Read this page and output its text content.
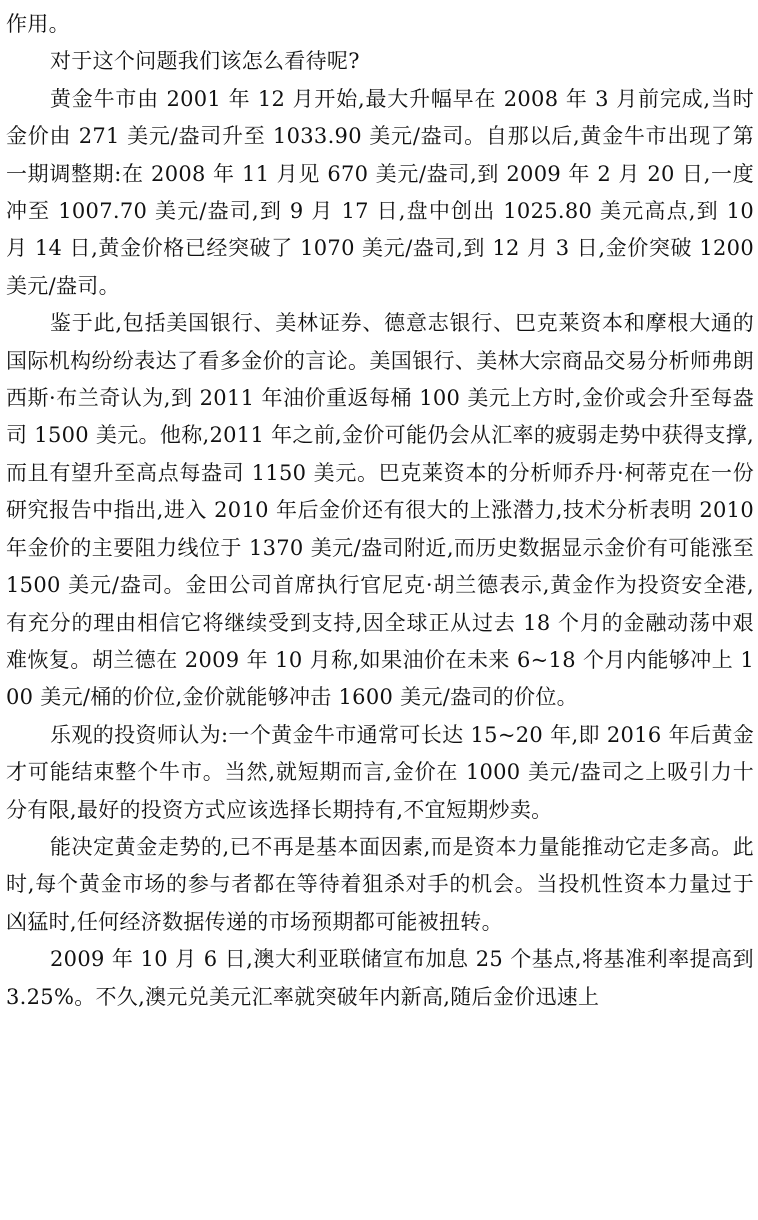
作用。

对于这个问题我们该怎么看待呢?

黄金牛市由 2001 年 12 月开始,最大升幅早在 2008 年 3 月前完成,当时金价由 271 美元/盎司升至 1033.90 美元/盎司。自那以后,黄金牛市出现了第一期调整期:在 2008 年 11 月见 670 美元/盎司,到 2009 年 2 月 20 日,一度冲至 1007.70 美元/盎司,到 9 月 17 日,盘中创出 1025.80 美元高点,到 10 月 14 日,黄金价格已经突破了 1070 美元/盎司,到 12 月 3 日,金价突破 1200 美元/盎司。

鉴于此,包括美国银行、美林证券、德意志银行、巴克莱资本和摩根大通的国际机构纷纷表达了看多金价的言论。美国银行、美林大宗商品交易分析师弗朗西斯·布兰奇认为,到 2011 年油价重返每桶 100 美元上方时,金价或会升至每盎司 1500 美元。他称,2011 年之前,金价可能仍会从汇率的疲弱走势中获得支撑,而且有望升至高点每盎司 1150 美元。巴克莱资本的分析师乔丹·柯蒂克在一份研究报告中指出,进入 2010 年后金价还有很大的上涨潜力,技术分析表明 2010 年金价的主要阻力线位于 1370 美元/盎司附近,而历史数据显示金价有可能涨至 1500 美元/盎司。金田公司首席执行官尼克·胡兰德表示,黄金作为投资安全港,有充分的理由相信它将继续受到支持,因全球正从过去 18 个月的金融动荡中艰难恢复。胡兰德在 2009 年 10 月称,如果油价在未来 6~18 个月内能够冲上 100 美元/桶的价位,金价就能够冲击 1600 美元/盎司的价位。

乐观的投资师认为:一个黄金牛市通常可长达 15~20 年,即 2016 年后黄金才可能结束整个牛市。当然,就短期而言,金价在 1000 美元/盎司之上吸引力十分有限,最好的投资方式应该选择长期持有,不宜短期炒卖。

能决定黄金走势的,已不再是基本面因素,而是资本力量能推动它走多高。此时,每个黄金市场的参与者都在等待着狙杀对手的机会。当投机性资本力量过于凶猛时,任何经济数据传递的市场预期都可能被扭转。

2009 年 10 月 6 日,澳大利亚联储宣布加息 25 个基点,将基准利率提高到 3.25%。不久,澳元兑美元汇率就突破年内新高,随后金价迅速上
